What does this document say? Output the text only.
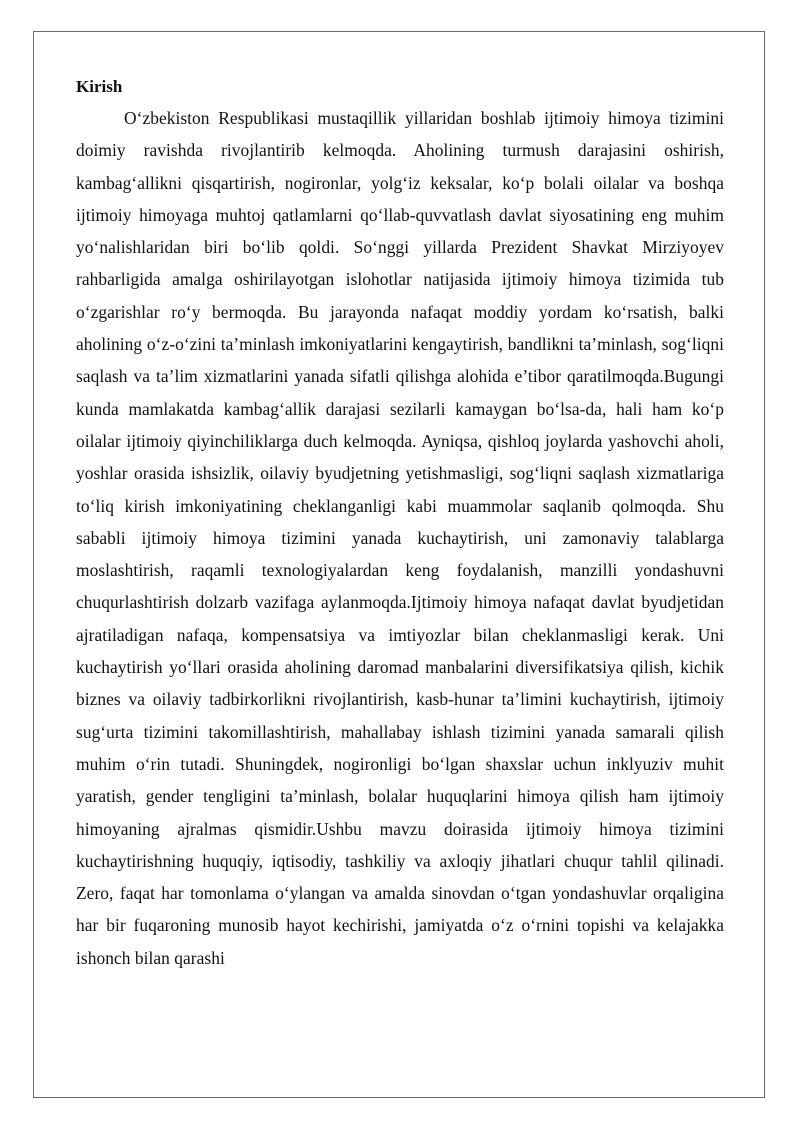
Kirish

O‘zbekiston Respublikasi mustaqillik yillaridan boshlab ijtimoiy himoya tizimini doimiy ravishda rivojlantirib kelmoqda. Aholining turmush darajasini oshirish, kambag‘allikni qisqartirish, nogironlar, yolg‘iz keksalar, ko‘p bolali oilalar va boshqa ijtimoiy himoyaga muhtoj qatlamlarni qo‘llab-quvvatlash davlat siyosatining eng muhim yo‘nalishlaridan biri bo‘lib qoldi. So‘nggi yillarda Prezident Shavkat Mirziyoyev rahbarligida amalga oshirilayotgan islohotlar natijasida ijtimoiy himoya tizimida tub o‘zgarishlar ro‘y bermoqda. Bu jarayonda nafaqat moddiy yordam ko‘rsatish, balki aholining o‘z-o‘zini ta’minlash imkoniyatlarini kengaytirish, bandlikni ta’minlash, sog‘liqni saqlash va ta’lim xizmatlarini yanada sifatli qilishga alohida e’tibor qaratilmoqda.Bugungi kunda mamlakatda kambag‘allik darajasi sezilarli kamaygan bo‘lsa-da, hali ham ko‘p oilalar ijtimoiy qiyinchiliklarga duch kelmoqda. Ayniqsa, qishloq joylarda yashovchi aholi, yoshlar orasida ishsizlik, oilaviy byudjetning yetishmasligi, sog‘liqni saqlash xizmatlariga to‘liq kirish imkoniyatining cheklanganligi kabi muammolar saqlanib qolmoqda. Shu sababli ijtimoiy himoya tizimini yanada kuchaytirish, uni zamonaviy talablarga moslashtirish, raqamli texnologiyalardan keng foydalanish, manzilli yondashuvni chuqurlashtirish dolzarb vazifaga aylanmoqda.Ijtimoiy himoya nafaqat davlat byudjetidan ajratiladigan nafaqa, kompensatsiya va imtiyozlar bilan cheklanmasligi kerak. Uni kuchaytirish yo‘llari orasida aholining daromad manbalarini diversifikatsiya qilish, kichik biznes va oilaviy tadbirkorlikni rivojlantirish, kasb-hunar ta’limini kuchaytirish, ijtimoiy sug‘urta tizimini takomillashtirish, mahallabay ishlash tizimini yanada samarali qilish muhim o‘rin tutadi. Shuningdek, nogironligi bo‘lgan shaxslar uchun inklyuziv muhit yaratish, gender tengligini ta’minlash, bolalar huquqlarini himoya qilish ham ijtimoiy himoyaning ajralmas qismidir.Ushbu mavzu doirasida ijtimoiy himoya tizimini kuchaytirishning huquqiy, iqtisodiy, tashkiliy va axloqiy jihatlari chuqur tahlil qilinadi. Zero, faqat har tomonlama o‘ylangan va amalda sinovdan o‘tgan yondashuvlar orqaligina har bir fuqaroning munosib hayot kechirishi, jamiyatda o‘z o‘rnini topishi va kelajakka ishonch bilan qarashi
